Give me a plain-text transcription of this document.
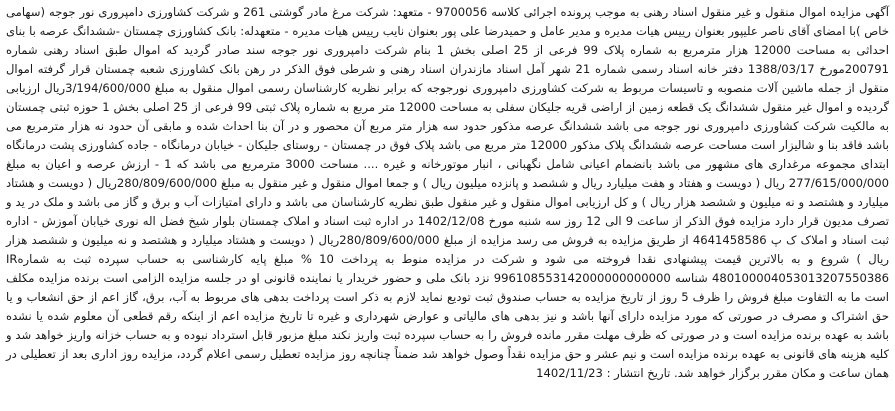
آگهی مزایده اموال منقول و غیر منقول اسناد رهنی به موجب پرونده اجرائی کلاسه 9700056 - متعهد: شرکت مرغ مادر گوشتی 261 و شرکت کشاورزی دامپروری نور جوجه (سهامی خاص )با امضای آقای ناصر علیپور بعنوان رییس هیات مدیره و مدیر عامل و حمیدرضا علی پور بعنوان نایب رییس هیات مدیره - متعهدله: بانک کشاورزی چمستان -ششدانگ عرصه با بنای احداثی به مساحت 12000 هزار مترمربع به شماره پلاک 99 فرعی از 25 اصلی بخش 1 بنام شرکت دامپروری نور جوجه سند صادر گردید که اموال طبق اسناد رهنی شماره 200791مورخ 1388/03/17 دفتر خانه اسناد رسمی شماره 21 شهر آمل اسناد مازندران اسناد رهنی و شرطی فوق الذکر در رهن بانک کشاورزی شعبه چمستان قرار گرفته اموال منقول از جمله ماشین آلات منصوبه و تاسیسات مربوط به شرکت کشاورزی دامپروری نورجوجه که برابر نظریه کارشناسان رسمی اموال منقول به مبلغ 3/194/600/000ریال ارزیابی گردیده و اموال غیر منقول ششدانگ یک قطعه زمین از اراضی قریه جلیکان سفلی به مساحت 12000 متر مربع به شماره پلاک ثبتی 99 فرعی از 25 اصلی بخش 1 حوزه ثبتی چمستان به مالکیت شرکت کشاورزی دامپروری نور جوجه می باشد ششدانگ عرصه مذکور حدود سه هزار متر مربع آن محصور و در آن بنا احداث شده و مابقی آن حدود نه هزار مترمربع می باشد فاقد بنا و شالیزار است مساحت عرصه ششدانگ پلاک مذکور 12000 متر مربع می باشد پلاک فوق در چمستان - روستای جلیکان - خیابان درمانگاه - جاده کشاورزی پشت درمانگاه ابتدای مجموعه مرغداری های مشهور می باشد بانضمام اعیانی شامل نگهبانی ، انبار موتورخانه و غیره .... مساحت 3000 مترمربع می باشد که 1 - ارزش عرصه و اعیان به مبلغ 277/615/000/000 ریال ( دویست و هفتاد و هفت میلیارد ریال و ششصد و پانزده میلیون ریال ) و جمعا اموال منقول و غیر منقول به مبلغ 280/809/600/000ریال ( دویست و هشتاد میلیارد و هشتصد و نه میلیون و ششصد هزار ریال ) و کل ارزیابی اموال منقول و غیر منقول طبق نظریه کارشناسان می باشد و دارای امتیازات آب و برق و گاز می باشد و ملک در ید و تصرف مدیون قرار دارد مزایده فوق الذکر از ساعت 9 الی 12 روز سه شنبه مورخ 1402/12/08 در اداره ثبت اسناد و املاک چمستان بلوار شیخ فضل اله نوری خیابان آموزش - اداره ثبت اسناد و املاک ک پ 4641458586 از طریق مزایده به فروش می رسد مزایده از مبلغ 280/809/600/000ریال ( دویست و هشتاد میلیارد و هشتصد و نه میلیون و ششصد هزار ریال ) شروع و به بالاترین قیمت پیشنهادی نقدا فروخته می شود و شرکت در مزایده منوط به پرداخت 10 % مبلغ پایه کارشناسی به حساب سپرده ثبت به شمارهIR 480100004053013207550386 شناسه 996108553142000000000000 نزد بانک ملی و حضور خریدار یا نماینده قانونی او در جلسه مزایده الزامی است برنده مزایده مکلف است ما به التفاوت مبلغ فروش را ظرف 5 روز از تاریخ مزایده به حساب صندوق ثبت تودیع نماید لازم به ذکر است پرداخت بدهی های مربوط به آب، برق، گاز اعم از حق انشعاب و یا حق اشتراک و مصرف در صورتی که مورد مزایده دارای آنها باشد و نیز بدهی های مالیاتی و عوارض شهرداری و غیره تا تاریخ مزایده اعم از اینکه رقم قطعی آن معلوم شده یا نشده باشد به عهده برنده مزایده است و در صورتی که ظرف مهلت مقرر مانده فروش را به حساب سپرده ثبت واریز نکند مبلغ مزبور قابل استرداد نبوده و به حساب خزانه واریز خواهد شد و کلیه هزینه های قانونی به عهده برنده مزایده است و نیم عشر و حق مزایده نقداً وصول خواهد شد ضمناً چنانچه روز مزایده تعطیل رسمی اعلام گردد، مزایده روز اداری بعد از تعطیلی در همان ساعت و مکان مقرر برگزار خواهد شد. تاریخ انتشار : 1402/11/23
